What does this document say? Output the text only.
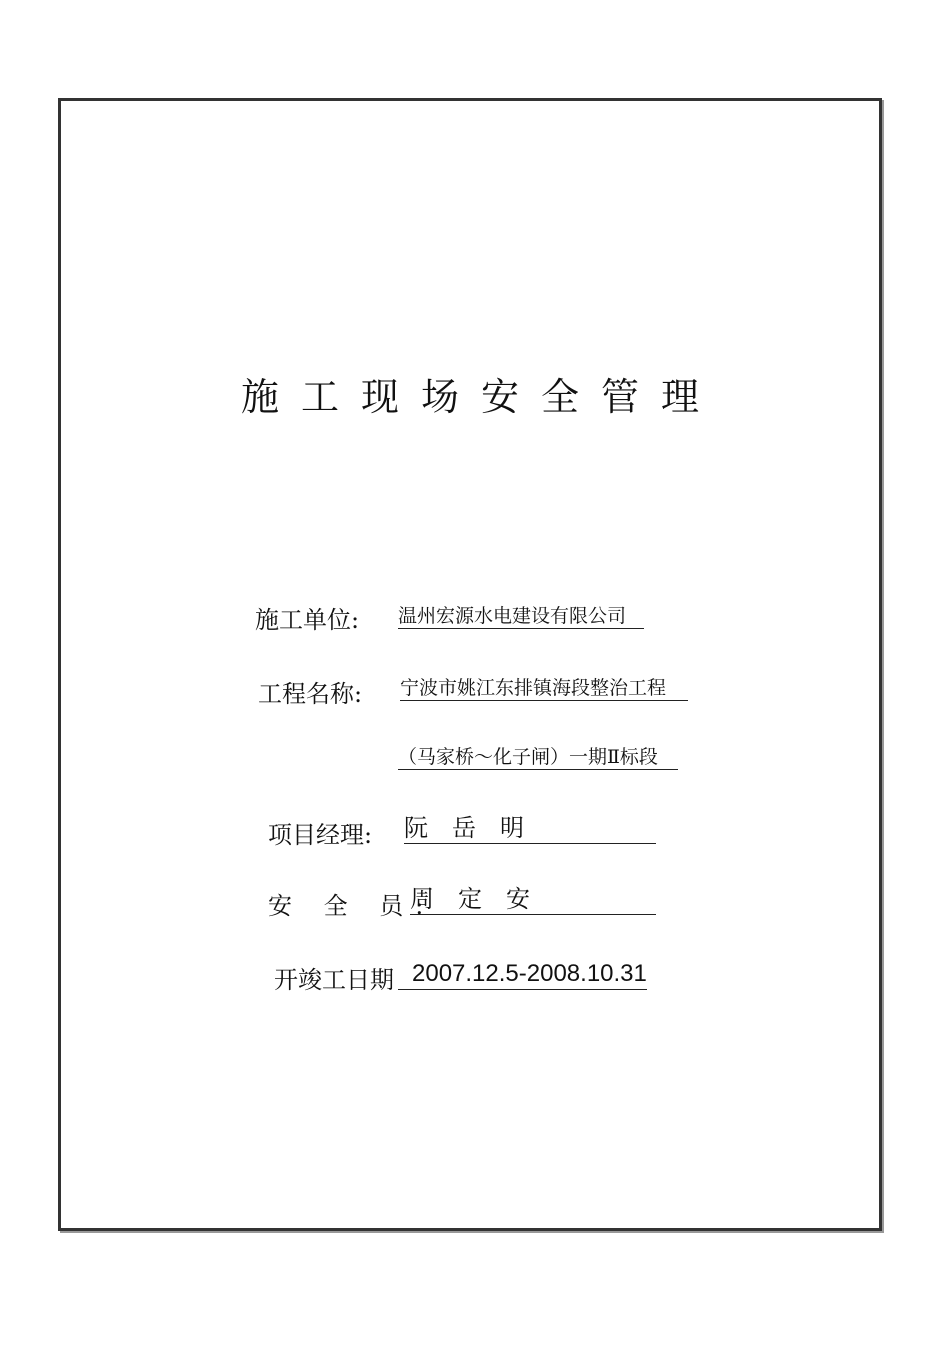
施工现场安全管理
施工单位: 温州宏源水电建设有限公司
工程名称: 宁波市姚江东排镇海段整治工程
（马家桥～化子闸）一期Ⅱ标段
项目经理: 阮　岳　明
安 全 员:
周　定　安
开竣工日期 2007.12.5-2008.10.31
